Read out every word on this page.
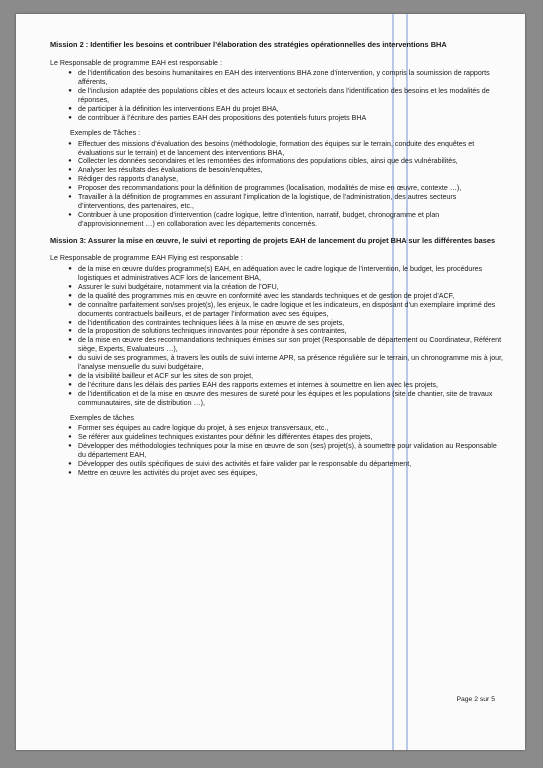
Mission 2 : Identifier les besoins et contribuer l’élaboration des stratégies opérationnelles des interventions BHA

Le Responsable de programme EAH est responsable :

● de l’identification des besoins humanitaires en EAH des interventions BHA zone d’intervention, y compris la soumission de rapports afférents,
● de l’inclusion adaptée des populations cibles et des acteurs locaux et sectoriels dans l’identification des besoins et les modalités de réponses,
● de participer à la définition les interventions EAH du projet BHA,
● de contribuer à l’écriture des parties EAH des propositions des potentiels futurs projets BHA

Exemples de Tâches :

● Effectuer des missions d’évaluation des besoins (méthodologie, formation des équipes sur le terrain, conduite des enquêtes et évaluations sur le terrain) et de lancement des interventions BHA,
● Collecter les données secondaires et les remontées des informations des populations cibles, ainsi que des vulnérabilités,
● Analyser les résultats des évaluations de besoin/enquêtes,
● Rédiger des rapports d’analyse,
● Proposer des recommandations pour la définition de programmes (localisation, modalités de mise en œuvre, contexte …),
● Travailler à la définition de programmes en assurant l’implication de la logistique, de l’administration, des autres secteurs d’interventions, des partenaires, etc.,
● Contribuer à une proposition d’intervention (cadre logique, lettre d’intention, narratif, budget, chronogramme et plan d’approvisionnement …) en collaboration avec les départements concernés.

Mission 3: Assurer la mise en œuvre, le suivi et reporting de projets EAH de lancement du projet BHA sur les différentes bases

Le Responsable de programme EAH Flying est responsable :

● de la mise en œuvre du/des programme(s) EAH, en adéquation avec le cadre logique de l’intervention, le budget, les procédures logistiques et administratives ACF lors de lancement BHA,
● Assurer le suivi budgétaire, notamment via la création de l’OFU,
● de la qualité des programmes mis en œuvre en conformité avec les standards techniques et de gestion de projet d’ACF,
● de connaître parfaitement son/ses projet(s), les enjeux, le cadre logique et les indicateurs, en disposant d’un exemplaire imprimé des documents contractuels bailleurs, et de partager l’information avec ses équipes,
● de l’identification des contraintes techniques liées à la mise en œuvre de ses projets,
● de la proposition de solutions techniques innovantes pour répondre à ses contraintes,
● de la mise en œuvre des recommandations techniques émises sur son projet (Responsable de département ou Coordinateur, Référent siège, Experts, Evaluateurs …),
● du suivi de ses programmes, à travers les outils de suivi interne APR, sa présence régulière sur le terrain, un chronogramme mis à jour, l’analyse mensuelle du suivi budgétaire,
● de la visibilité bailleur et ACF sur les sites de son projet,
● de l’écriture dans les délais des parties EAH des rapports externes et internes à soumettre en lien avec les projets,
● de l’identification et de la mise en œuvre des mesures de sureté pour les équipes et les populations (site de chantier, site de travaux communautaires, site de distribution …),

Exemples de tâches

● Former ses équipes au cadre logique du projet, à ses enjeux transversaux, etc.,
● Se référer aux guidelines techniques existantes pour définir les différentes étapes des projets,
● Développer des méthodologies techniques pour la mise en œuvre de son (ses) projet(s), à soumettre pour validation au Responsable du département EAH,
● Développer des outils spécifiques de suivi des activités et faire valider par le responsable du département,
● Mettre en œuvre les activités du projet avec ses équipes,
Page 2 sur 5
